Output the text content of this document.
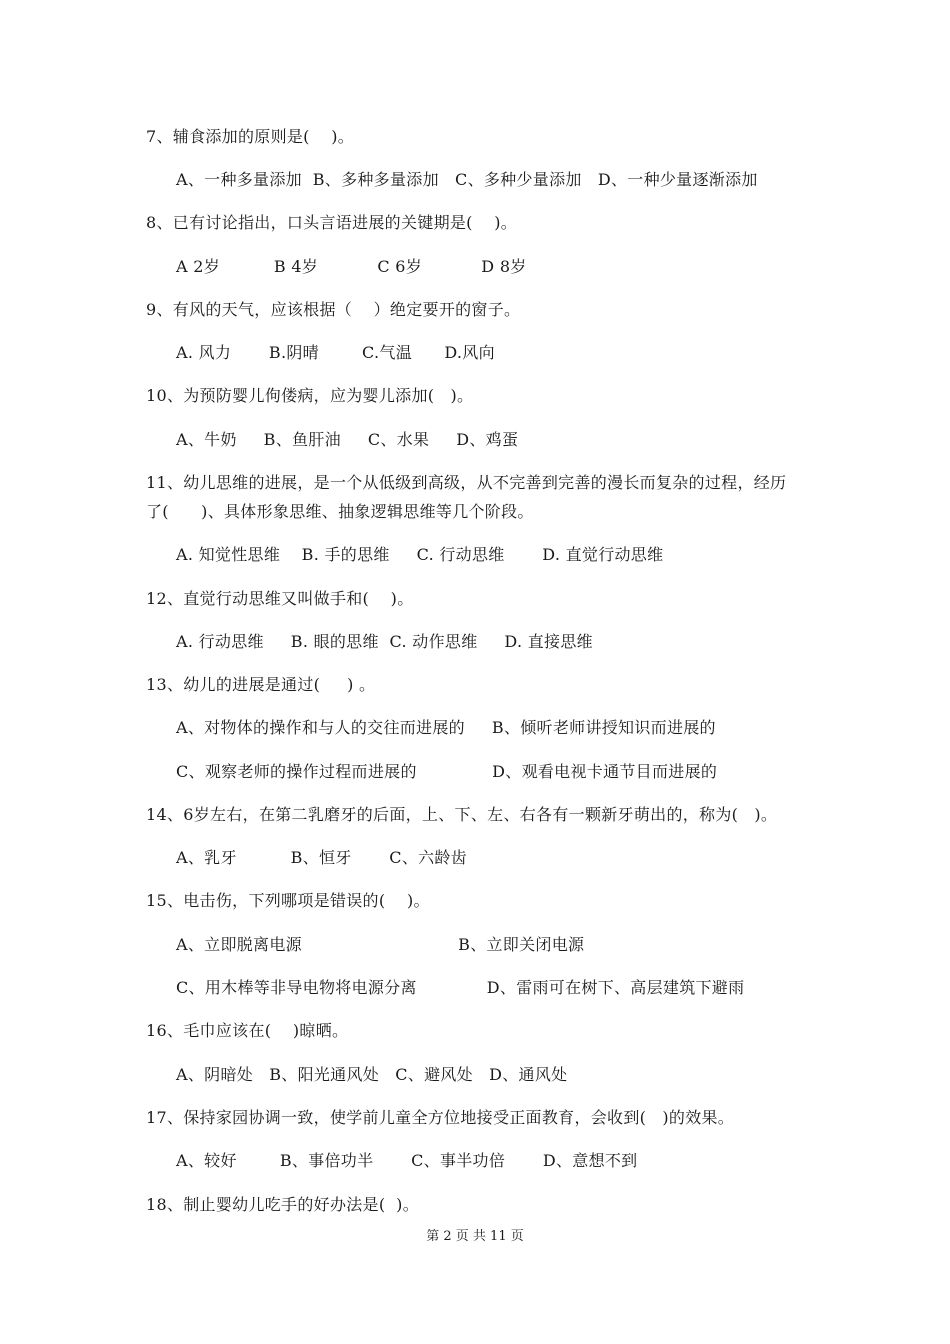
7、辅食添加的原则是(    )。
A、一种多量添加  B、多种多量添加   C、多种少量添加   D、一种少量逐渐添加
8、已有讨论指出，口头言语进展的关键期是(    )。
A 2岁          B 4岁           C 6岁           D 8岁
9、有风的天气，应该根据（    ）绝定要开的窗子。
A. 风力       B.阴晴        C.气温      D.风向
10、为预防婴儿佝偻病，应为婴儿添加(   )。
A、牛奶     B、鱼肝油     C、水果     D、鸡蛋
11、幼儿思维的进展，是一个从低级到高级，从不完善到完善的漫长而复杂的过程，经历
了(      )、具体形象思维、抽象逻辑思维等几个阶段。
A. 知觉性思维    B. 手的思维     C. 行动思维       D. 直觉行动思维
12、直觉行动思维又叫做手和(    )。
A. 行动思维     B. 眼的思维  C. 动作思维     D. 直接思维
13、幼儿的进展是通过(     ) 。
A、对物体的操作和与人的交往而进展的     B、倾听老师讲授知识而进展的
C、观察老师的操作过程而进展的              D、观看电视卡通节目而进展的
14、6岁左右，在第二乳磨牙的后面，上、下、左、右各有一颗新牙萌出的，称为(   )。
A、乳牙          B、恒牙       C、六龄齿
15、电击伤，下列哪项是错误的(    )。
A、立即脱离电源                             B、立即关闭电源
C、用木棒等非导电物将电源分离             D、雷雨可在树下、高层建筑下避雨
16、毛巾应该在(    )晾晒。
A、阴暗处   B、阳光通风处   C、避风处   D、通风处
17、保持家园协调一致，使学前儿童全方位地接受正面教育，会收到(   )的效果。
A、较好        B、事倍功半       C、事半功倍       D、意想不到
18、制止婴幼儿吃手的好办法是(  )。
第 2 页 共 11 页
